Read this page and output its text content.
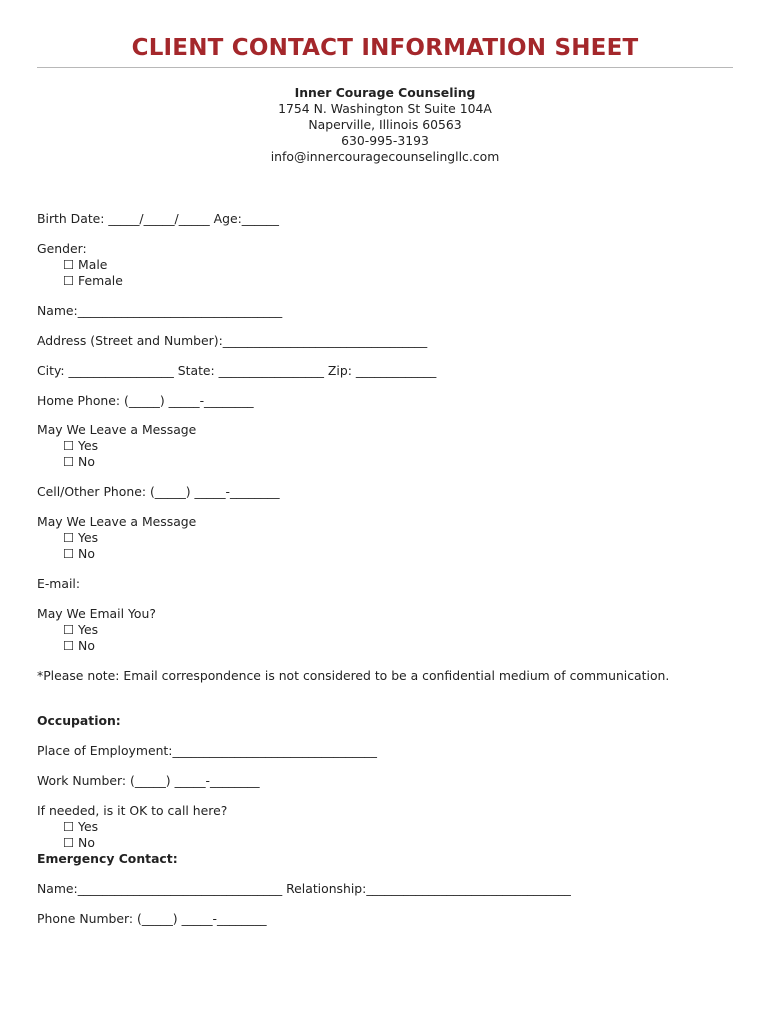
CLIENT CONTACT INFORMATION SHEET
Inner Courage Counseling
1754 N. Washington St Suite 104A
Naperville, Illinois 60563
630-995-3193
info@innercouragecounselingllc.com
Birth Date: _____/_____/_____ Age:______
Gender:
☐ Male
☐ Female
Name:_________________________________
Address (Street and Number):_________________________________
City: _________________ State: _________________ Zip: _____________
Home Phone: (_____) _____-________
May We Leave a Message
☐ Yes
☐ No
Cell/Other Phone: (_____) _____-________
May We Leave a Message
☐ Yes
☐ No
E-mail:
May We Email You?
☐ Yes
☐ No
*Please note: Email correspondence is not considered to be a confidential medium of communication.
Occupation:
Place of Employment:_________________________________
Work Number: (_____) _____-________
If needed, is it OK to call here?
☐ Yes
☐ No
Emergency Contact:
Name:_________________________________ Relationship:_________________________________
Phone Number: (_____) _____-________
